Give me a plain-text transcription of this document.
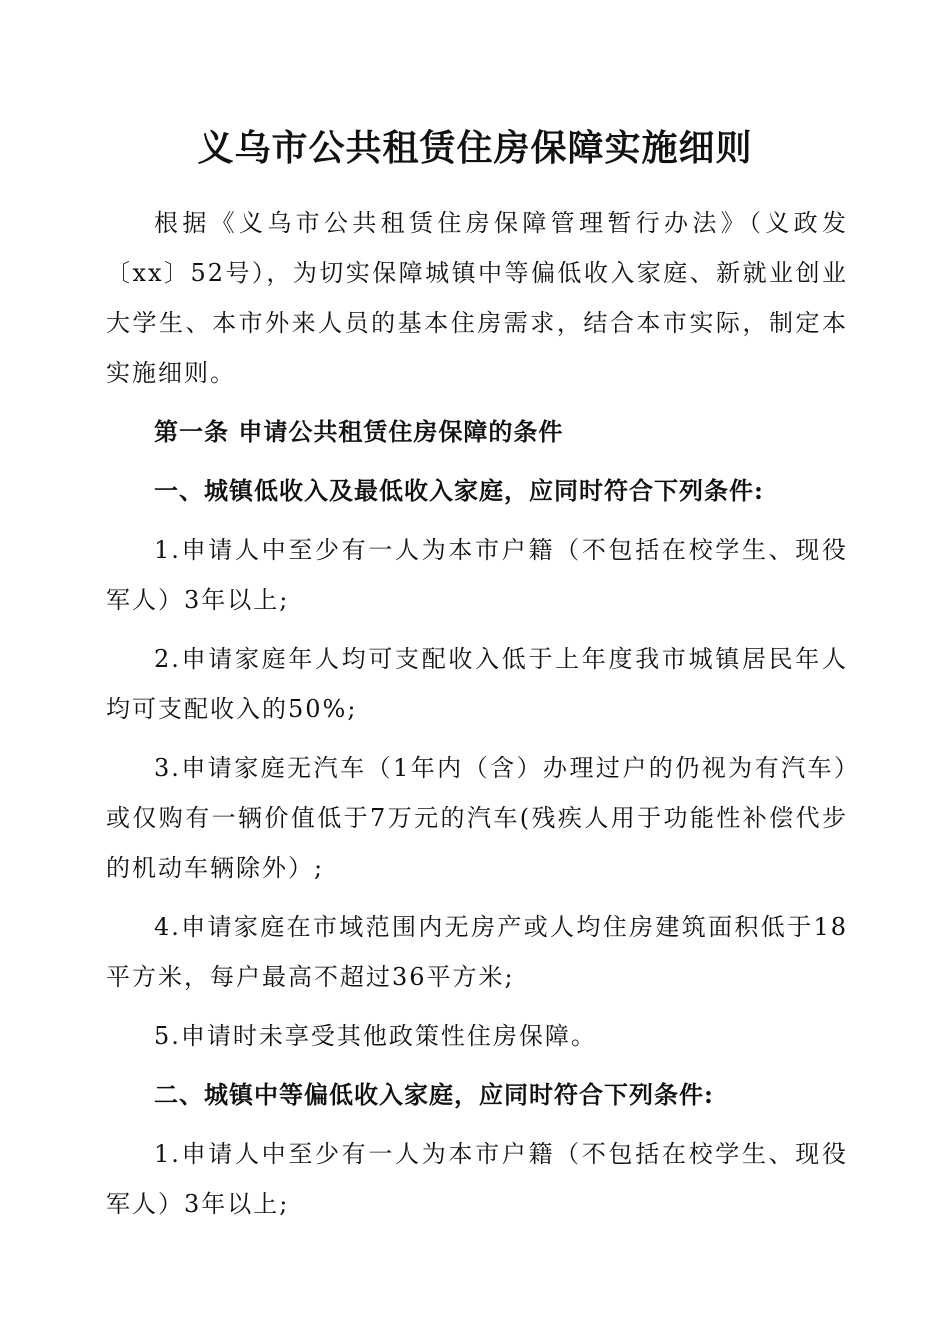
义乌市公共租赁住房保障实施细则

根据《义乌市公共租赁住房保障管理暂行办法》（义政发〔xx〕52号），为切实保障城镇中等偏低收入家庭、新就业创业大学生、本市外来人员的基本住房需求，结合本市实际，制定本实施细则。

第一条 申请公共租赁住房保障的条件

一、城镇低收入及最低收入家庭，应同时符合下列条件:

1.申请人中至少有一人为本市户籍（不包括在校学生、现役军人）3年以上;

2.申请家庭年人均可支配收入低于上年度我市城镇居民年人均可支配收入的50%;

3.申请家庭无汽车（1年内（含）办理过户的仍视为有汽车）或仅购有一辆价值低于7万元的汽车(残疾人用于功能性补偿代步的机动车辆除外）;

4.申请家庭在市域范围内无房产或人均住房建筑面积低于18平方米，每户最高不超过36平方米;

5.申请时未享受其他政策性住房保障。

二、城镇中等偏低收入家庭，应同时符合下列条件:

1.申请人中至少有一人为本市户籍（不包括在校学生、现役军人）3年以上;
